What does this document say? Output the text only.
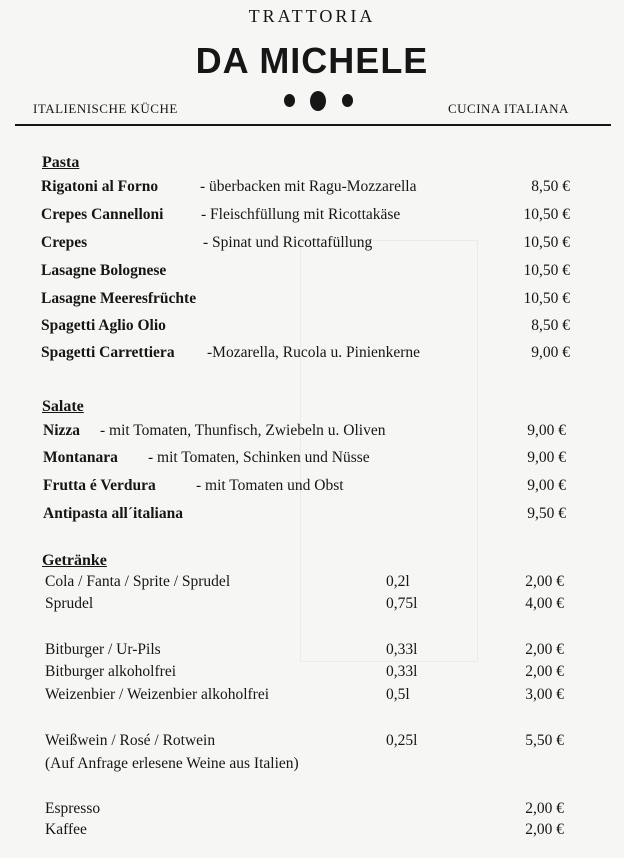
TRATTORIA
DA MICHELE
ITALIENISCHE KÜCHE	CUCINA ITALIANA
Pasta
Rigatoni al Forno	- überbacken mit Ragu-Mozzarella	8,50 €
Crepes Cannelloni - Fleischfüllung mit Ricottakäse	10,50 €
Crepes	- Spinat und Ricottafüllung	10,50 €
Lasagne Bolognese	10,50 €
Lasagne Meeresfrüchte	10,50 €
Spagetti Aglio Olio	8,50 €
Spagetti Carrettiera -Mozarella, Rucola u. Pinienkerne	9,00 €
Salate
Nizza - mit Tomaten, Thunfisch, Zwiebeln u. Oliven	9,00 €
Montanara - mit Tomaten, Schinken und Nüsse	9,00 €
Frutta é Verdura	- mit Tomaten und Obst	9,00 €
Antipasta all´italiana	9,50 €
Getränke
Cola / Fanta / Sprite / Sprudel	0,2l	2,00 €
Sprudel	0,75l	4,00 €
Bitburger / Ur-Pils	0,33l	2,00 €
Bitburger alkoholfrei	0,33l	2,00 €
Weizenbier / Weizenbier alkoholfrei	0,5l	3,00 €
Weißwein / Rosé / Rotwein	0,25l	5,50 €
(Auf Anfrage erlesene Weine aus Italien)
Espresso	2,00 €
Kaffee	2,00 €
